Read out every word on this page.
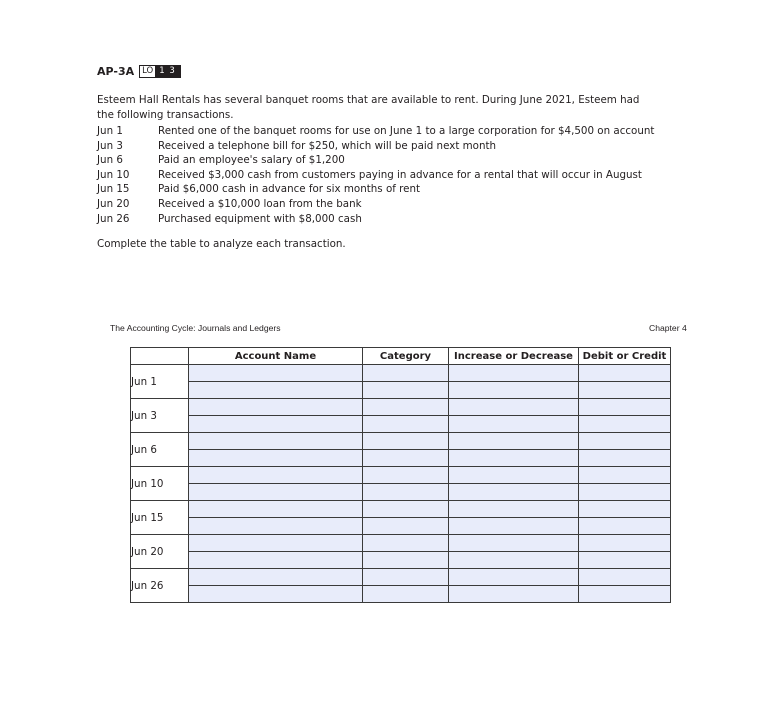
AP-3A LO 1 3

Esteem Hall Rentals has several banquet rooms that are available to rent. During June 2021, Esteem had the following transactions.

Jun 1	Rented one of the banquet rooms for use on June 1 to a large corporation for $4,500 on account
Jun 3	Received a telephone bill for $250, which will be paid next month
Jun 6	Paid an employee's salary of $1,200
Jun 10	Received $3,000 cash from customers paying in advance for a rental that will occur in August
Jun 15	Paid $6,000 cash in advance for six months of rent
Jun 20	Received a $10,000 loan from the bank
Jun 26	Purchased equipment with $8,000 cash

Complete the table to analyze each transaction.

The Accounting Cycle: Journals and Ledgers	Chapter 4
	Account Name	Category	Increase or Decrease	Debit or Credit
Jun 1				

Jun 3				

Jun 6				

Jun 10				

Jun 15				

Jun 20				

Jun 26				
